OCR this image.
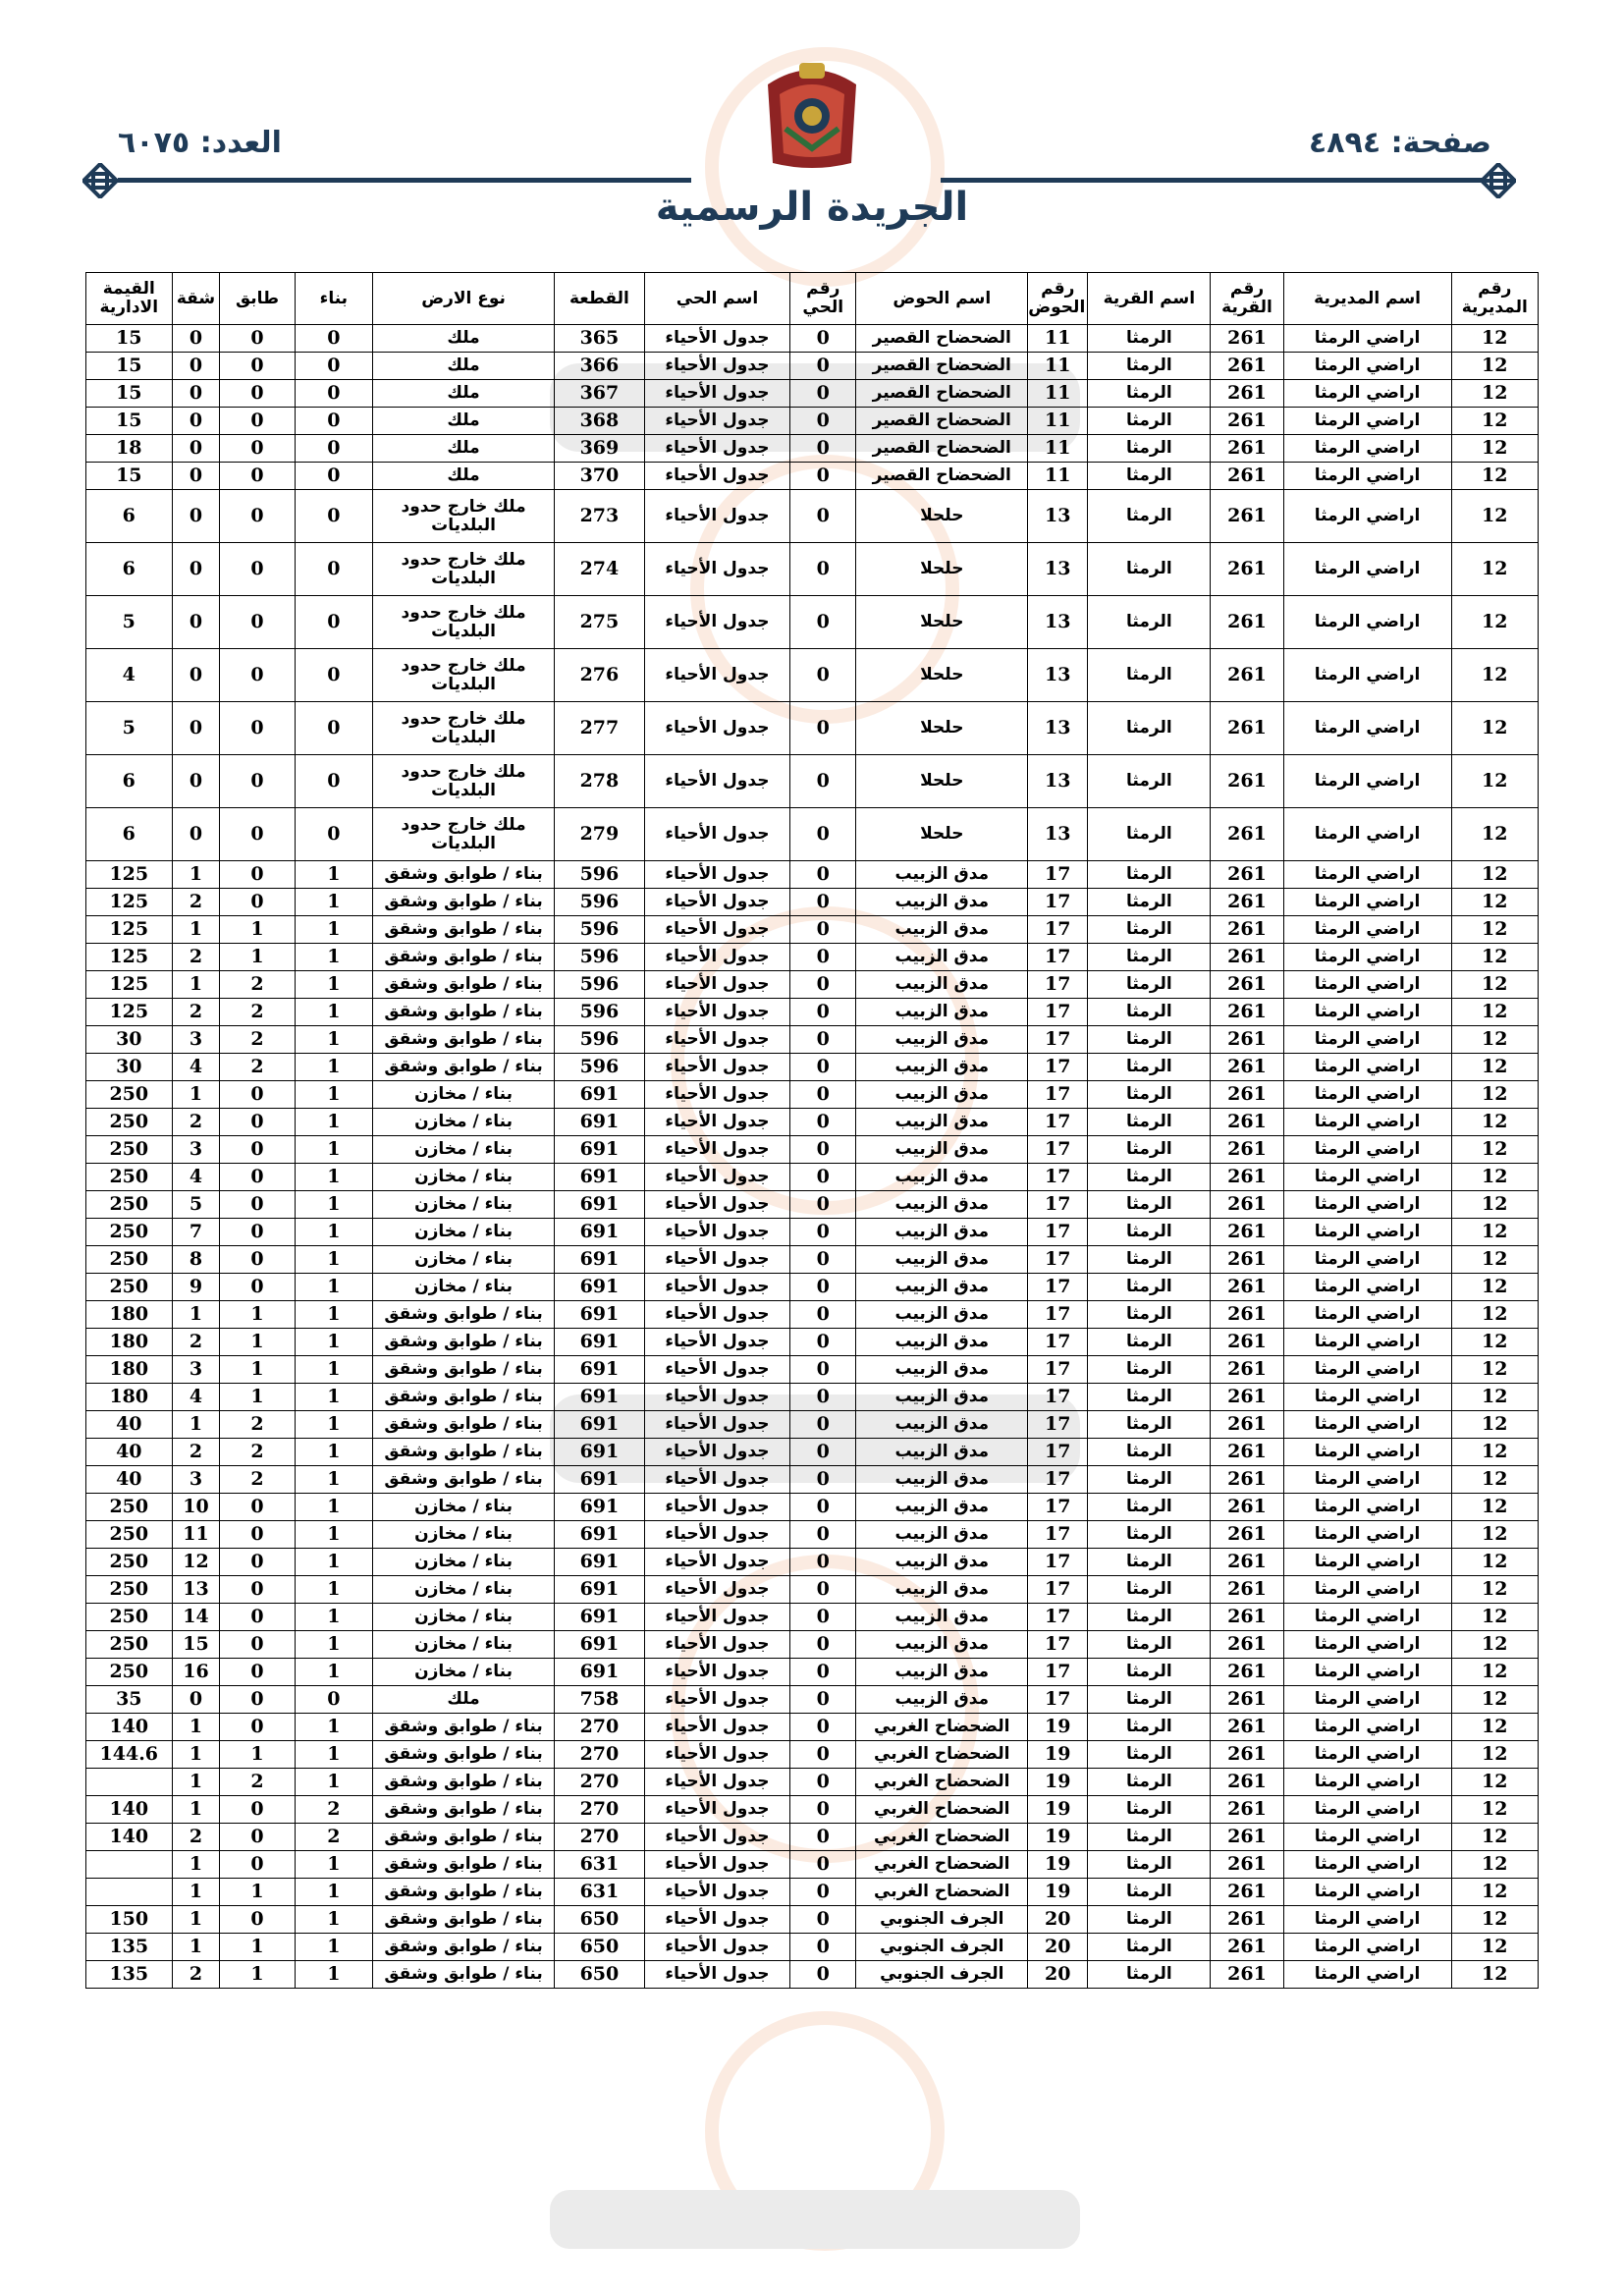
صفحة: ٤٨٩٤
العدد: ٦٠٧٥
الجريدة الرسمية
رقم المديرية	اسم المديرية	رقم القرية	اسم القرية	رقم الحوض	اسم الحوض	رقم الحي	اسم الحي	القطعة	نوع الارض	بناء	طابق	شقة	القيمة الادارية
12	اراضي الرمثا	261	الرمثا	11	الضحضاح القصير	0	جدول الأحياء	365	ملك	0	0	0	15
12	اراضي الرمثا	261	الرمثا	11	الضحضاح القصير	0	جدول الأحياء	366	ملك	0	0	0	15
12	اراضي الرمثا	261	الرمثا	11	الضحضاح القصير	0	جدول الأحياء	367	ملك	0	0	0	15
12	اراضي الرمثا	261	الرمثا	11	الضحضاح القصير	0	جدول الأحياء	368	ملك	0	0	0	15
12	اراضي الرمثا	261	الرمثا	11	الضحضاح القصير	0	جدول الأحياء	369	ملك	0	0	0	18
12	اراضي الرمثا	261	الرمثا	11	الضحضاح القصير	0	جدول الأحياء	370	ملك	0	0	0	15
12	اراضي الرمثا	261	الرمثا	13	حلحلا	0	جدول الأحياء	273	ملك خارج حدود البلديات	0	0	0	6
12	اراضي الرمثا	261	الرمثا	13	حلحلا	0	جدول الأحياء	274	ملك خارج حدود البلديات	0	0	0	6
12	اراضي الرمثا	261	الرمثا	13	حلحلا	0	جدول الأحياء	275	ملك خارج حدود البلديات	0	0	0	5
12	اراضي الرمثا	261	الرمثا	13	حلحلا	0	جدول الأحياء	276	ملك خارج حدود البلديات	0	0	0	4
12	اراضي الرمثا	261	الرمثا	13	حلحلا	0	جدول الأحياء	277	ملك خارج حدود البلديات	0	0	0	5
12	اراضي الرمثا	261	الرمثا	13	حلحلا	0	جدول الأحياء	278	ملك خارج حدود البلديات	0	0	0	6
12	اراضي الرمثا	261	الرمثا	13	حلحلا	0	جدول الأحياء	279	ملك خارج حدود البلديات	0	0	0	6
12	اراضي الرمثا	261	الرمثا	17	مدق الزبيب	0	جدول الأحياء	596	بناء / طوابق وشقق	1	0	1	125
12	اراضي الرمثا	261	الرمثا	17	مدق الزبيب	0	جدول الأحياء	596	بناء / طوابق وشقق	1	0	2	125
12	اراضي الرمثا	261	الرمثا	17	مدق الزبيب	0	جدول الأحياء	596	بناء / طوابق وشقق	1	1	1	125
12	اراضي الرمثا	261	الرمثا	17	مدق الزبيب	0	جدول الأحياء	596	بناء / طوابق وشقق	1	1	2	125
12	اراضي الرمثا	261	الرمثا	17	مدق الزبيب	0	جدول الأحياء	596	بناء / طوابق وشقق	1	2	1	125
12	اراضي الرمثا	261	الرمثا	17	مدق الزبيب	0	جدول الأحياء	596	بناء / طوابق وشقق	1	2	2	125
12	اراضي الرمثا	261	الرمثا	17	مدق الزبيب	0	جدول الأحياء	596	بناء / طوابق وشقق	1	2	3	30
12	اراضي الرمثا	261	الرمثا	17	مدق الزبيب	0	جدول الأحياء	596	بناء / طوابق وشقق	1	2	4	30
12	اراضي الرمثا	261	الرمثا	17	مدق الزبيب	0	جدول الأحياء	691	بناء / مخازن	1	0	1	250
12	اراضي الرمثا	261	الرمثا	17	مدق الزبيب	0	جدول الأحياء	691	بناء / مخازن	1	0	2	250
12	اراضي الرمثا	261	الرمثا	17	مدق الزبيب	0	جدول الأحياء	691	بناء / مخازن	1	0	3	250
12	اراضي الرمثا	261	الرمثا	17	مدق الزبيب	0	جدول الأحياء	691	بناء / مخازن	1	0	4	250
12	اراضي الرمثا	261	الرمثا	17	مدق الزبيب	0	جدول الأحياء	691	بناء / مخازن	1	0	5	250
12	اراضي الرمثا	261	الرمثا	17	مدق الزبيب	0	جدول الأحياء	691	بناء / مخازن	1	0	7	250
12	اراضي الرمثا	261	الرمثا	17	مدق الزبيب	0	جدول الأحياء	691	بناء / مخازن	1	0	8	250
12	اراضي الرمثا	261	الرمثا	17	مدق الزبيب	0	جدول الأحياء	691	بناء / مخازن	1	0	9	250
12	اراضي الرمثا	261	الرمثا	17	مدق الزبيب	0	جدول الأحياء	691	بناء / طوابق وشقق	1	1	1	180
12	اراضي الرمثا	261	الرمثا	17	مدق الزبيب	0	جدول الأحياء	691	بناء / طوابق وشقق	1	1	2	180
12	اراضي الرمثا	261	الرمثا	17	مدق الزبيب	0	جدول الأحياء	691	بناء / طوابق وشقق	1	1	3	180
12	اراضي الرمثا	261	الرمثا	17	مدق الزبيب	0	جدول الأحياء	691	بناء / طوابق وشقق	1	1	4	180
12	اراضي الرمثا	261	الرمثا	17	مدق الزبيب	0	جدول الأحياء	691	بناء / طوابق وشقق	1	2	1	40
12	اراضي الرمثا	261	الرمثا	17	مدق الزبيب	0	جدول الأحياء	691	بناء / طوابق وشقق	1	2	2	40
12	اراضي الرمثا	261	الرمثا	17	مدق الزبيب	0	جدول الأحياء	691	بناء / طوابق وشقق	1	2	3	40
12	اراضي الرمثا	261	الرمثا	17	مدق الزبيب	0	جدول الأحياء	691	بناء / مخازن	1	0	10	250
12	اراضي الرمثا	261	الرمثا	17	مدق الزبيب	0	جدول الأحياء	691	بناء / مخازن	1	0	11	250
12	اراضي الرمثا	261	الرمثا	17	مدق الزبيب	0	جدول الأحياء	691	بناء / مخازن	1	0	12	250
12	اراضي الرمثا	261	الرمثا	17	مدق الزبيب	0	جدول الأحياء	691	بناء / مخازن	1	0	13	250
12	اراضي الرمثا	261	الرمثا	17	مدق الزبيب	0	جدول الأحياء	691	بناء / مخازن	1	0	14	250
12	اراضي الرمثا	261	الرمثا	17	مدق الزبيب	0	جدول الأحياء	691	بناء / مخازن	1	0	15	250
12	اراضي الرمثا	261	الرمثا	17	مدق الزبيب	0	جدول الأحياء	691	بناء / مخازن	1	0	16	250
12	اراضي الرمثا	261	الرمثا	17	مدق الزبيب	0	جدول الأحياء	758	ملك	0	0	0	35
12	اراضي الرمثا	261	الرمثا	19	الضحضاح الغربي	0	جدول الأحياء	270	بناء / طوابق وشقق	1	0	1	140
12	اراضي الرمثا	261	الرمثا	19	الضحضاح الغربي	0	جدول الأحياء	270	بناء / طوابق وشقق	1	1	1	144.6
12	اراضي الرمثا	261	الرمثا	19	الضحضاح الغربي	0	جدول الأحياء	270	بناء / طوابق وشقق	1	2	1	
12	اراضي الرمثا	261	الرمثا	19	الضحضاح الغربي	0	جدول الأحياء	270	بناء / طوابق وشقق	2	0	1	140
12	اراضي الرمثا	261	الرمثا	19	الضحضاح الغربي	0	جدول الأحياء	270	بناء / طوابق وشقق	2	0	2	140
12	اراضي الرمثا	261	الرمثا	19	الضحضاح الغربي	0	جدول الأحياء	631	بناء / طوابق وشقق	1	0	1	
12	اراضي الرمثا	261	الرمثا	19	الضحضاح الغربي	0	جدول الأحياء	631	بناء / طوابق وشقق	1	1	1	
12	اراضي الرمثا	261	الرمثا	20	الجرف الجنوبي	0	جدول الأحياء	650	بناء / طوابق وشقق	1	0	1	150
12	اراضي الرمثا	261	الرمثا	20	الجرف الجنوبي	0	جدول الأحياء	650	بناء / طوابق وشقق	1	1	1	135
12	اراضي الرمثا	261	الرمثا	20	الجرف الجنوبي	0	جدول الأحياء	650	بناء / طوابق وشقق	1	1	2	135
